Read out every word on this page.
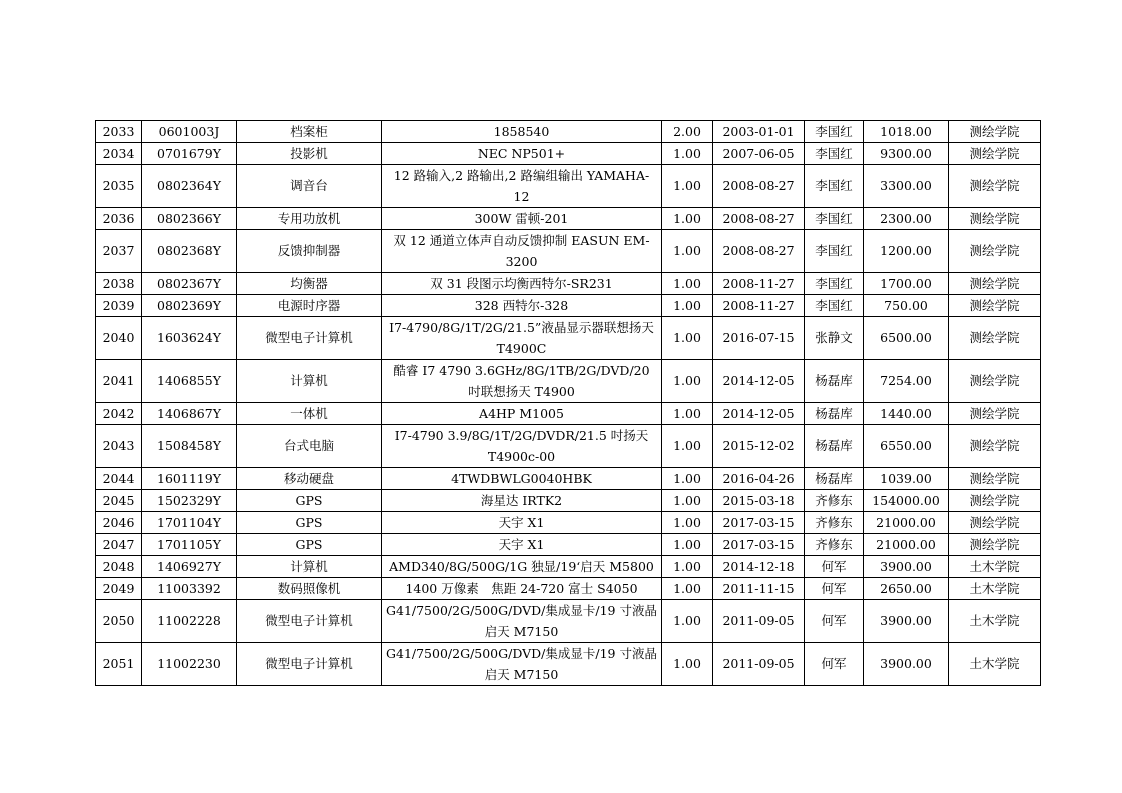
2033	0601003J	档案柜	1858540	2.00	2003-01-01	李国红	1018.00	测绘学院
2034	0701679Y	投影机	NEC NP501+	1.00	2007-06-05	李国红	9300.00	测绘学院
2035	0802364Y	调音台	12 路输入,2 路输出,2 路编组输出 YAMAHA-12	1.00	2008-08-27	李国红	3300.00	测绘学院
2036	0802366Y	专用功放机	300W 雷顿-201	1.00	2008-08-27	李国红	2300.00	测绘学院
2037	0802368Y	反馈抑制器	双 12 通道立体声自动反馈抑制 EASUN EM-3200	1.00	2008-08-27	李国红	1200.00	测绘学院
2038	0802367Y	均衡器	双 31 段图示均衡西特尔-SR231	1.00	2008-11-27	李国红	1700.00	测绘学院
2039	0802369Y	电源时序器	328 西特尔-328	1.00	2008-11-27	李国红	750.00	测绘学院
2040	1603624Y	微型电子计算机	I7-4790/8G/1T/2G/21.5”液晶显示器联想扬天 T4900C	1.00	2016-07-15	张静文	6500.00	测绘学院
2041	1406855Y	计算机	酷睿 I7 4790 3.6GHz/8G/1TB/2G/DVD/20 吋联想扬天 T4900	1.00	2014-12-05	杨磊库	7254.00	测绘学院
2042	1406867Y	一体机	A4HP M1005	1.00	2014-12-05	杨磊库	1440.00	测绘学院
2043	1508458Y	台式电脑	I7-4790 3.9/8G/1T/2G/DVDR/21.5 吋扬天 T4900c-00	1.00	2015-12-02	杨磊库	6550.00	测绘学院
2044	1601119Y	移动硬盘	4TWDBWLG0040HBK	1.00	2016-04-26	杨磊库	1039.00	测绘学院
2045	1502329Y	GPS	海星达 IRTK2	1.00	2015-03-18	齐修东	154000.00	测绘学院
2046	1701104Y	GPS	天宇 X1	1.00	2017-03-15	齐修东	21000.00	测绘学院
2047	1701105Y	GPS	天宇 X1	1.00	2017-03-15	齐修东	21000.00	测绘学院
2048	1406927Y	计算机	AMD340/8G/500G/1G 独显/19‘启天 M5800	1.00	2014-12-18	何军	3900.00	土木学院
2049	11003392	数码照像机	1400 万像素　焦距 24-720 富士 S4050	1.00	2011-11-15	何军	2650.00	土木学院
2050	11002228	微型电子计算机	G41/7500/2G/500G/DVD/集成显卡/19 寸液晶启天 M7150	1.00	2011-09-05	何军	3900.00	土木学院
2051	11002230	微型电子计算机	G41/7500/2G/500G/DVD/集成显卡/19 寸液晶启天 M7150	1.00	2011-09-05	何军	3900.00	土木学院
